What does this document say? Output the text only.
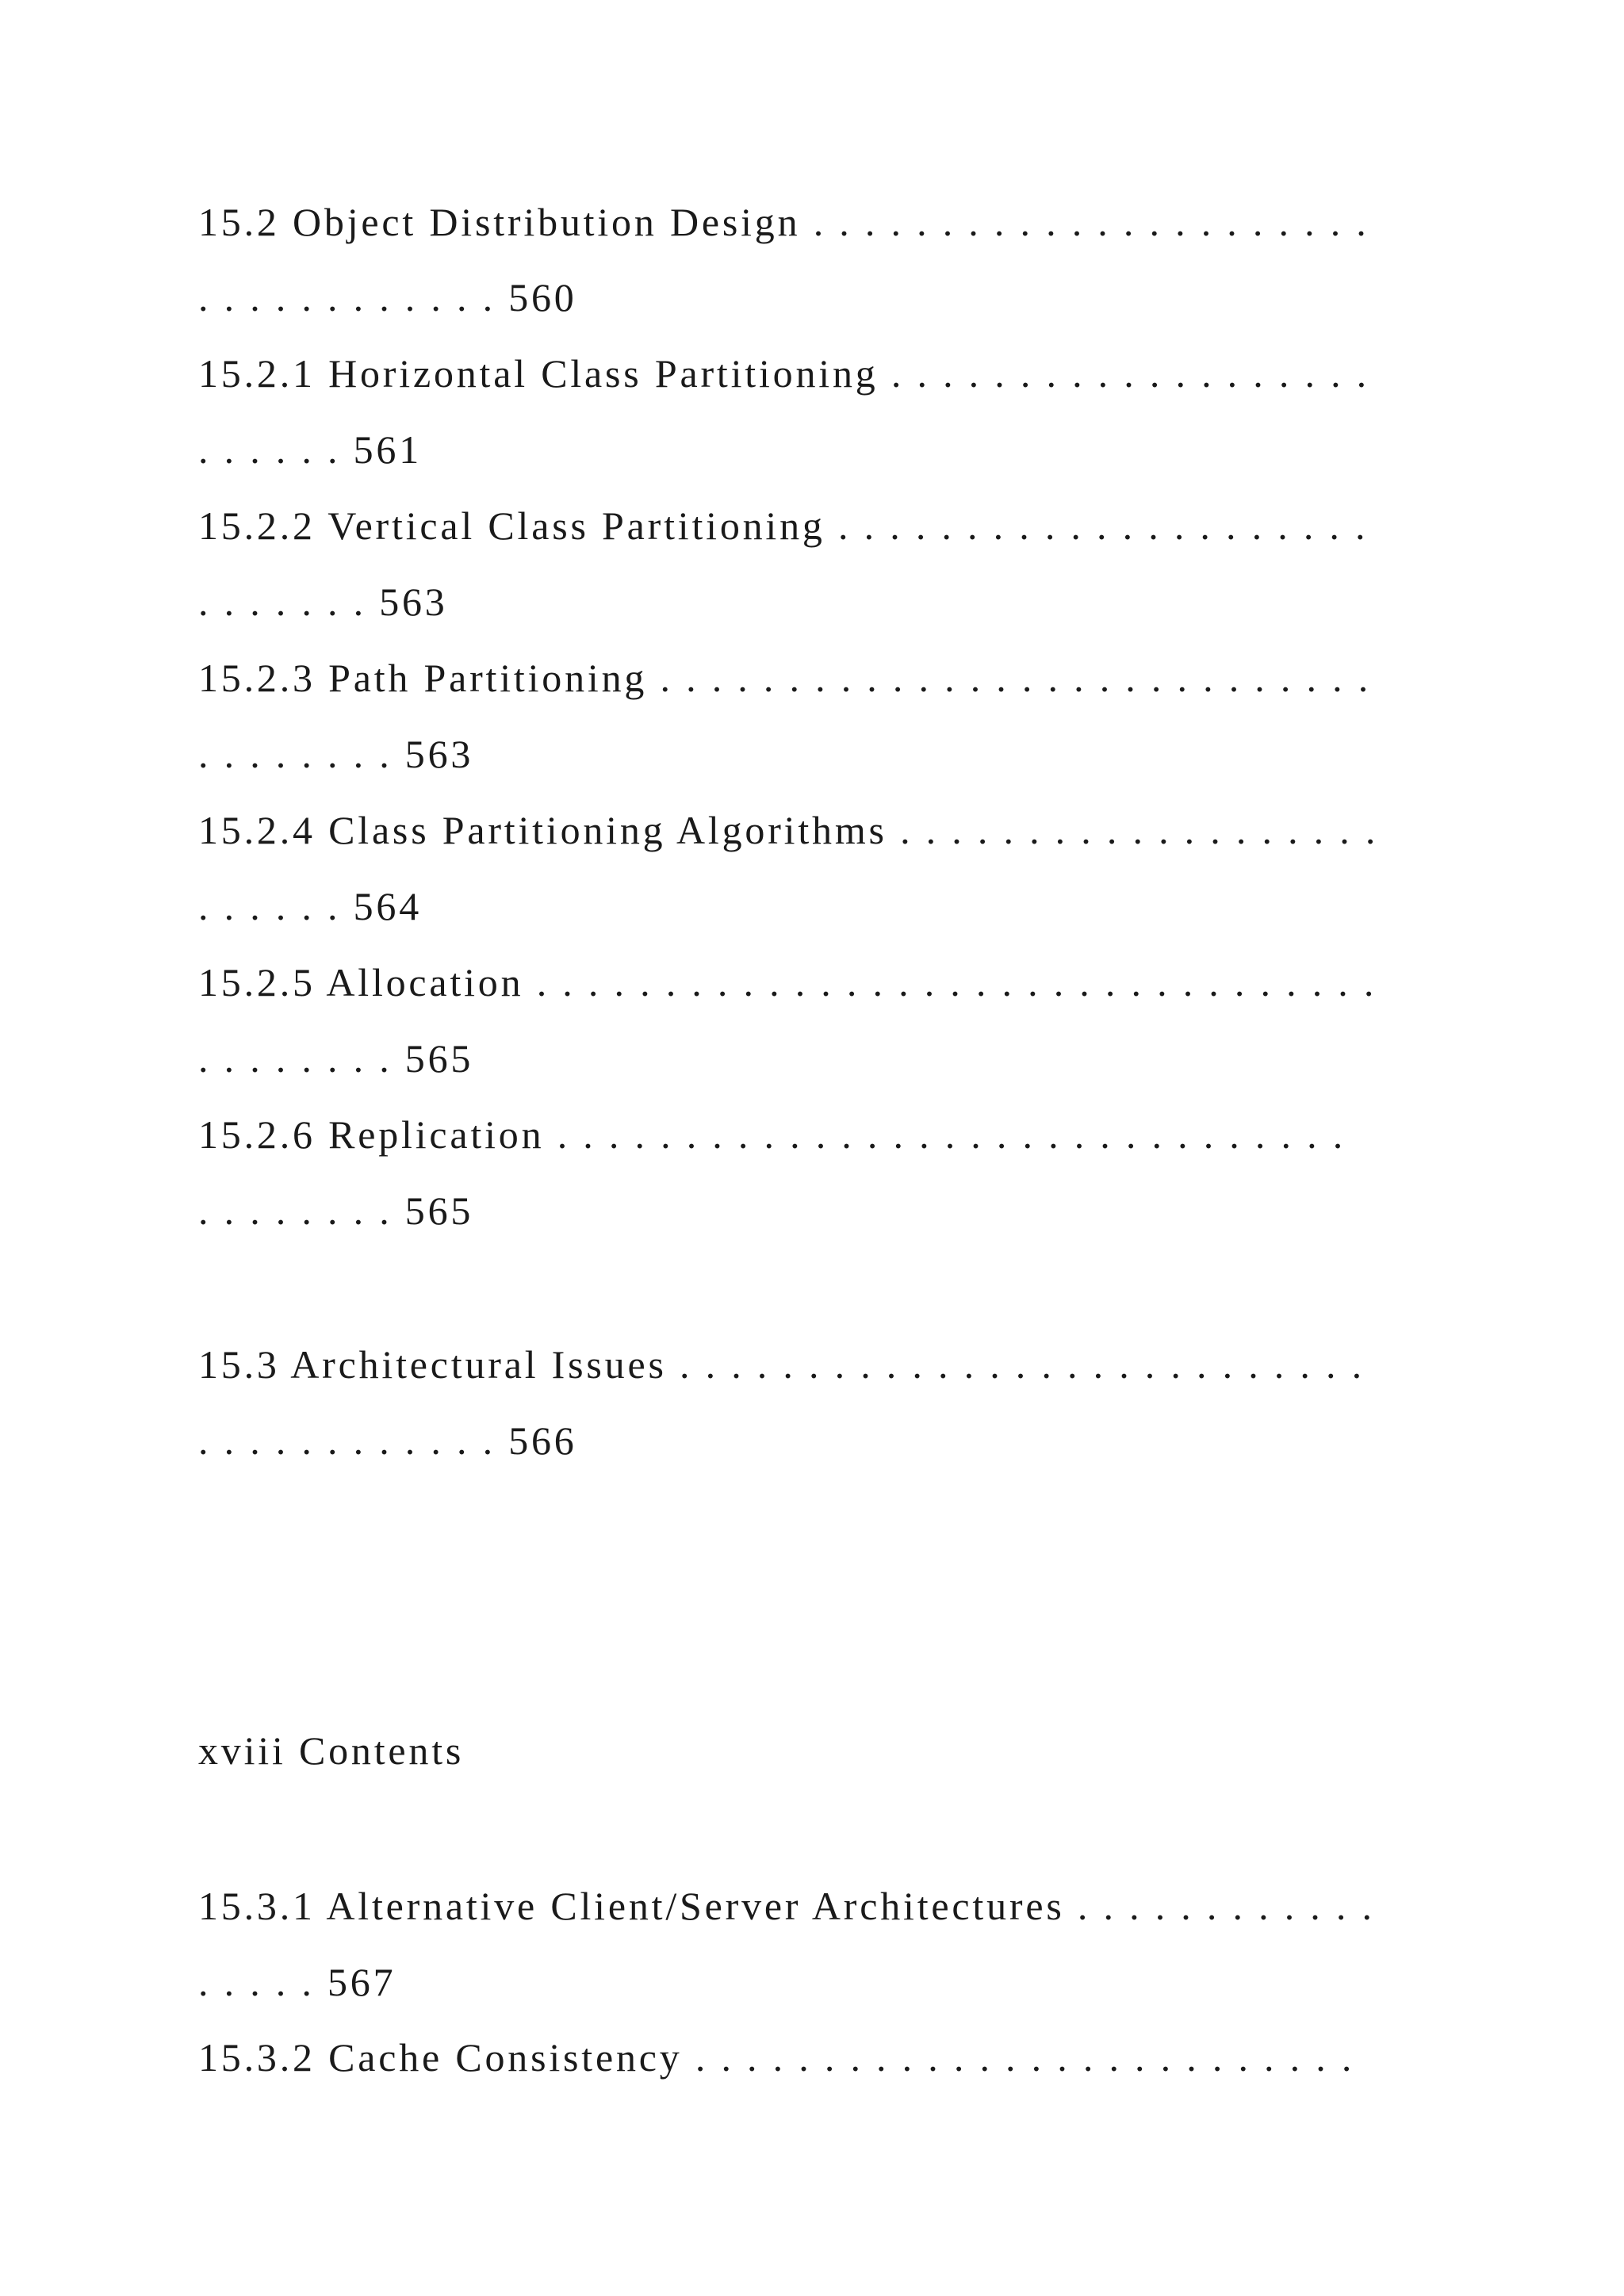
15.2 Object Distribution Design . . . . . . . . . . . . . . . . . . . . . .
. . . . . . . . . . . . 560
15.2.1 Horizontal Class Partitioning . . . . . . . . . . . . . . . . . . .
. . . . . . 561
15.2.2 Vertical Class Partitioning . . . . . . . . . . . . . . . . . . . . .
. . . . . . . 563
15.2.3 Path Partitioning . . . . . . . . . . . . . . . . . . . . . . . . . . . .
. . . . . . . . 563
15.2.4 Class Partitioning Algorithms . . . . . . . . . . . . . . . . . . .
. . . . . . 564
15.2.5 Allocation . . . . . . . . . . . . . . . . . . . . . . . . . . . . . . . . .
. . . . . . . . 565
15.2.6 Replication . . . . . . . . . . . . . . . . . . . . . . . . . . . . . . .
. . . . . . . . 565
15.3 Architectural Issues . . . . . . . . . . . . . . . . . . . . . . . . . . .
. . . . . . . . . . . . 566
xviii Contents
15.3.1 Alternative Client/Server Architectures . . . . . . . . . . . .
. . . . . 567
15.3.2 Cache Consistency . . . . . . . . . . . . . . . . . . . . . . . . . .
